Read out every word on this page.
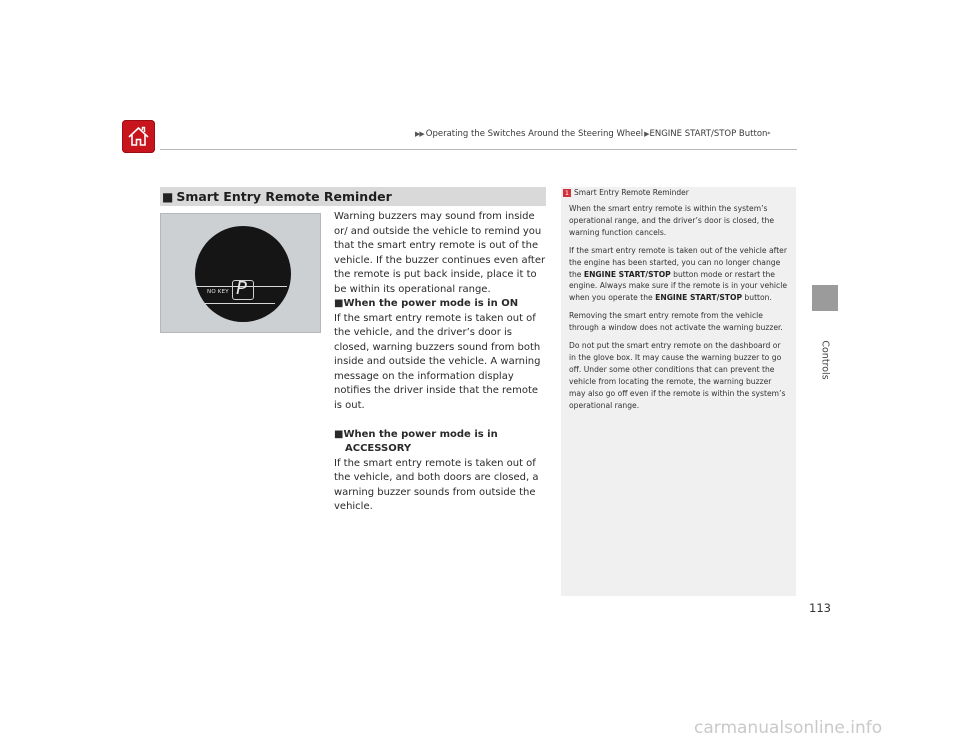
▶▶ Operating the Switches Around the Steering Wheel ▶ ENGINE START/STOP Button *
Controls
■ Smart Entry Remote Reminder
P
NO KEY

Warning buzzers may sound from inside or/ and outside the vehicle to remind you that the smart entry remote is out of the vehicle. If the buzzer continues even after the remote is put back inside, place it to be within its operational range.

■When the power mode is in ON

If the smart entry remote is taken out of the vehicle, and the driver’s door is closed, warning buzzers sound from both inside and outside the vehicle. A warning message on the information display notifies the driver inside that the remote is out.

■When the power mode is in

ACCESSORY

If the smart entry remote is taken out of the vehicle, and both doors are closed, a warning buzzer sounds from outside the vehicle.

1 Smart Entry Remote Reminder

When the smart entry remote is within the system’s operational range, and the driver’s door is closed, the warning function cancels.

If the smart entry remote is taken out of the vehicle after the engine has been started, you can no longer change the ENGINE START/STOP button mode or restart the engine. Always make sure if the remote is in your vehicle when you operate the ENGINE START/STOP button.

Removing the smart entry remote from the vehicle through a window does not activate the warning buzzer.

Do not put the smart entry remote on the dashboard or in the glove box. It may cause the warning buzzer to go off. Under some other conditions that can prevent the vehicle from locating the remote, the warning buzzer may also go off even if the remote is within the system’s operational range.

113
carmanualsonline.info
